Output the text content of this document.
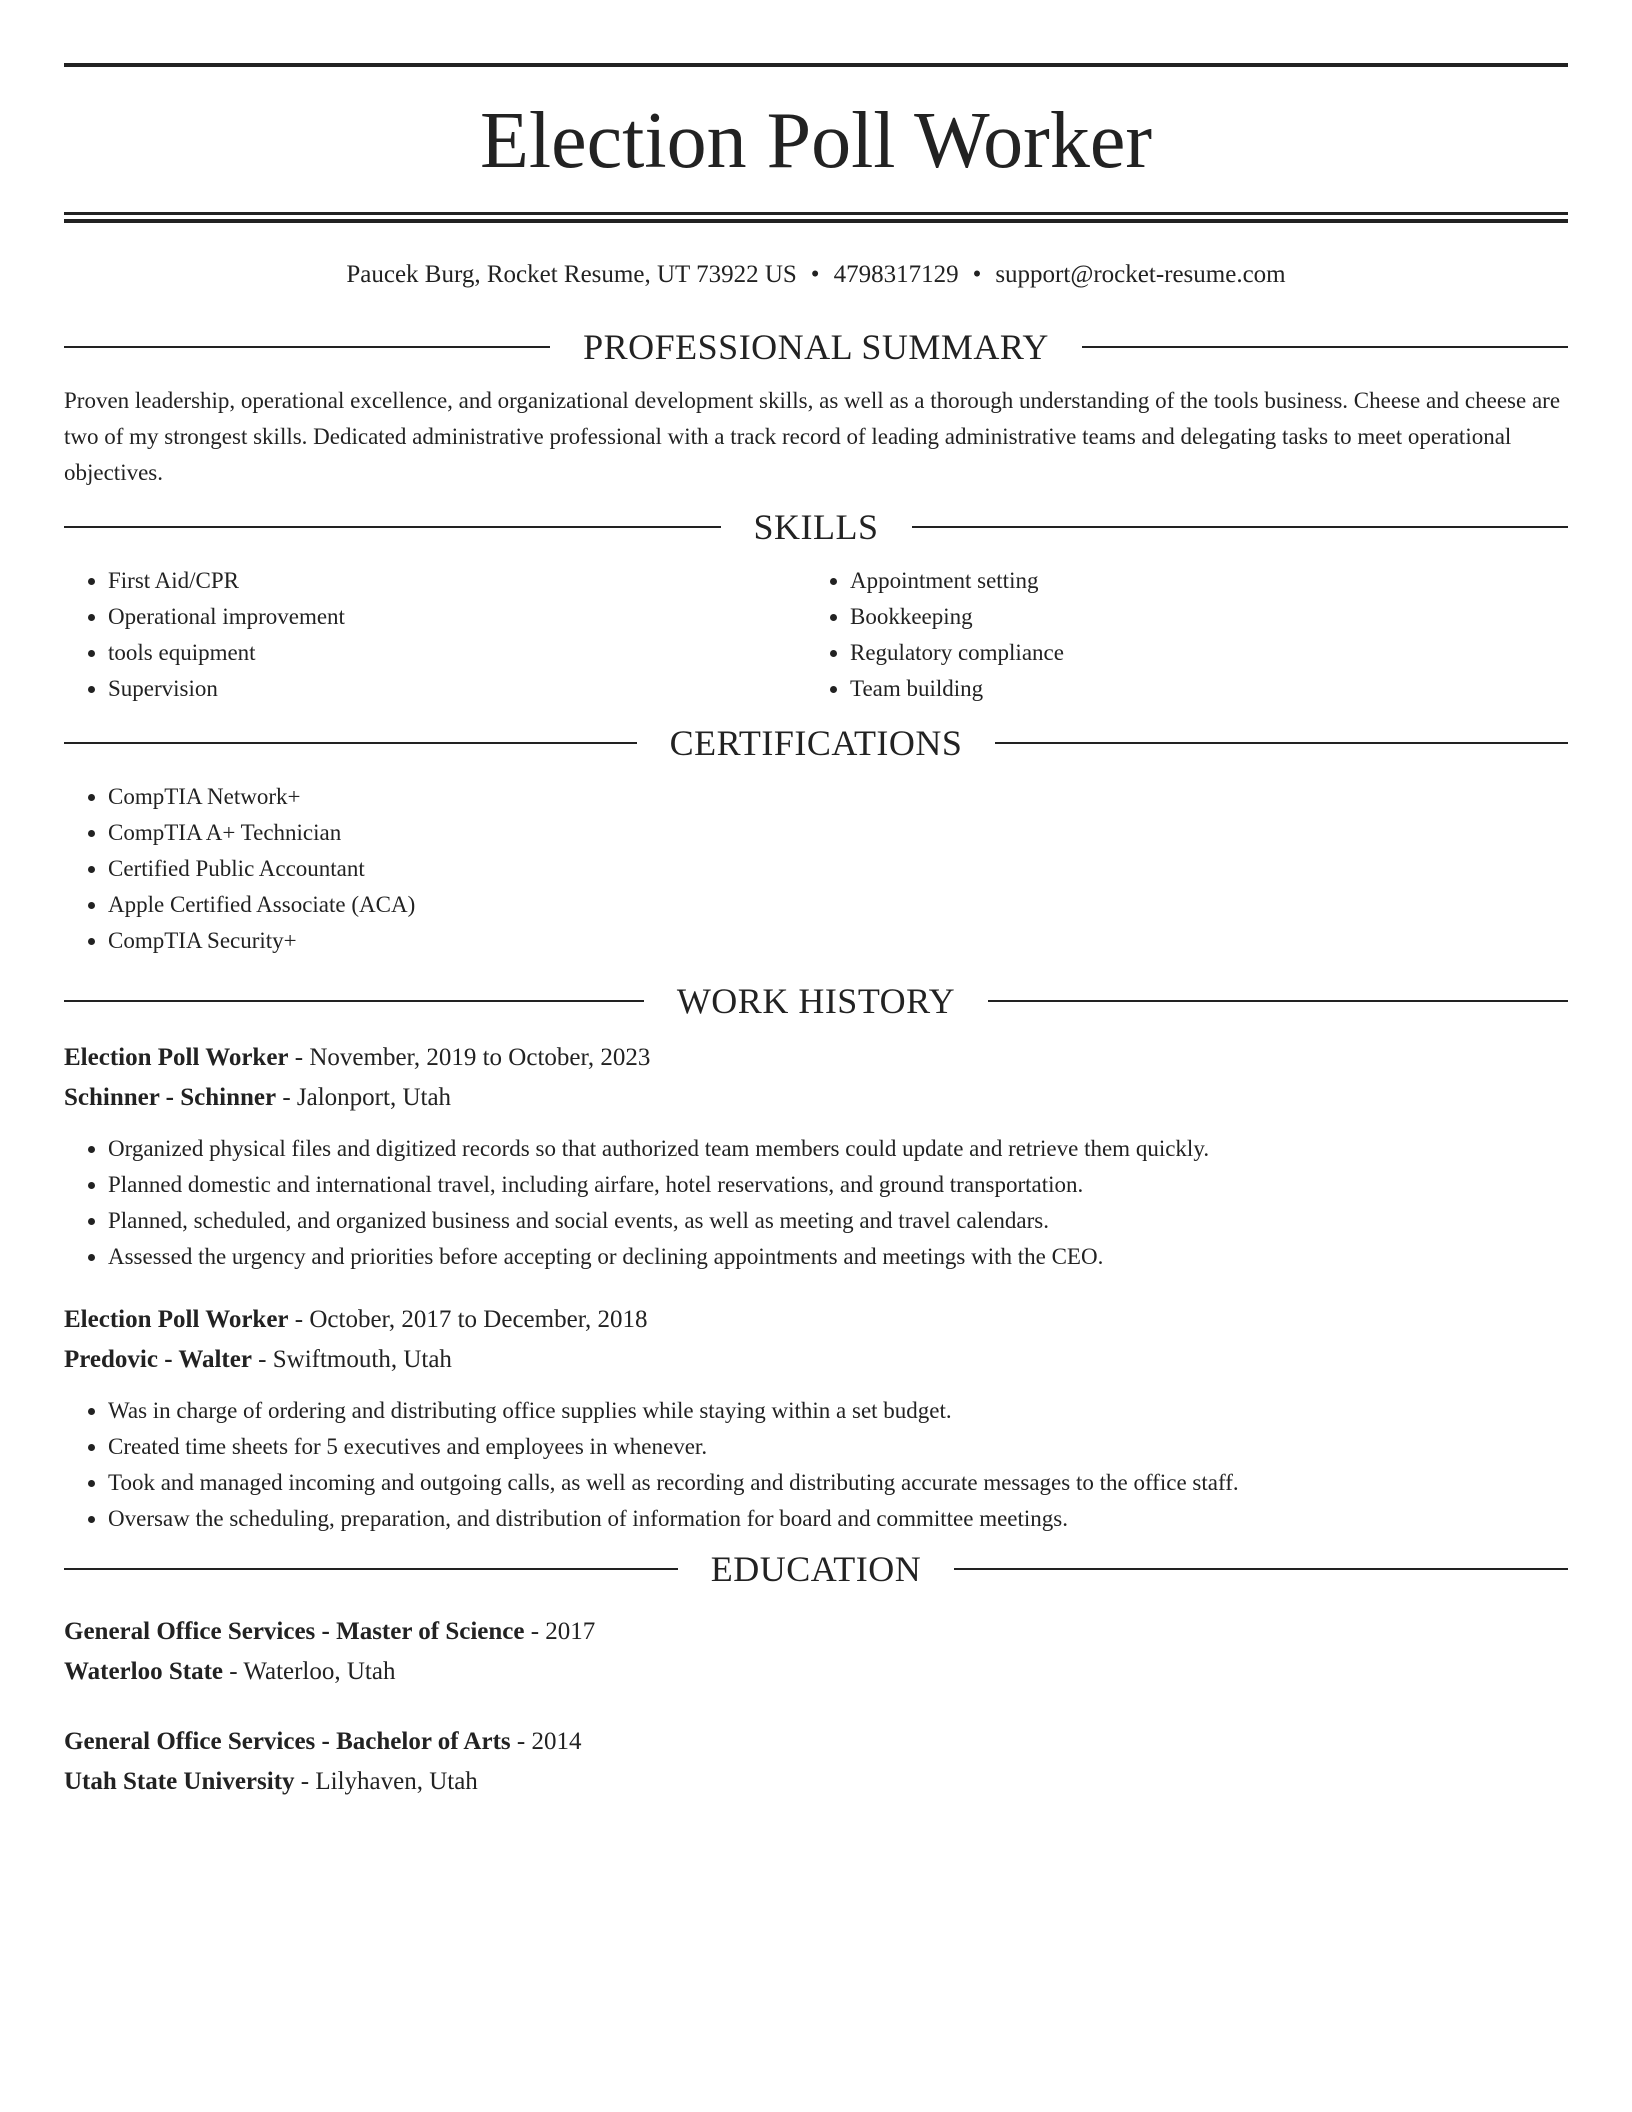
Election Poll Worker
Paucek Burg, Rocket Resume, UT 73922 US • 4798317129 • support@rocket-resume.com
PROFESSIONAL SUMMARY

Proven leadership, operational excellence, and organizational development skills, as well as a thorough understanding of the tools business. Cheese and cheese are two of my strongest skills. Dedicated administrative professional with a track record of leading administrative teams and delegating tasks to meet operational objectives.

SKILLS
• First Aid/CPR
• Operational improvement
• tools equipment
• Supervision
• Appointment setting
• Bookkeeping
• Regulatory compliance
• Team building
CERTIFICATIONS
• CompTIA Network+
• CompTIA A+ Technician
• Certified Public Accountant
• Apple Certified Associate (ACA)
• CompTIA Security+
WORK HISTORY
Election Poll Worker - November, 2019 to October, 2023
Schinner - Schinner - Jalonport, Utah
• Organized physical files and digitized records so that authorized team members could update and retrieve them quickly.
• Planned domestic and international travel, including airfare, hotel reservations, and ground transportation.
• Planned, scheduled, and organized business and social events, as well as meeting and travel calendars.
• Assessed the urgency and priorities before accepting or declining appointments and meetings with the CEO.
Election Poll Worker - October, 2017 to December, 2018
Predovic - Walter - Swiftmouth, Utah
• Was in charge of ordering and distributing office supplies while staying within a set budget.
• Created time sheets for 5 executives and employees in whenever.
• Took and managed incoming and outgoing calls, as well as recording and distributing accurate messages to the office staff.
• Oversaw the scheduling, preparation, and distribution of information for board and committee meetings.
EDUCATION
General Office Services - Master of Science - 2017
Waterloo State - Waterloo, Utah
General Office Services - Bachelor of Arts - 2014
Utah State University - Lilyhaven, Utah
